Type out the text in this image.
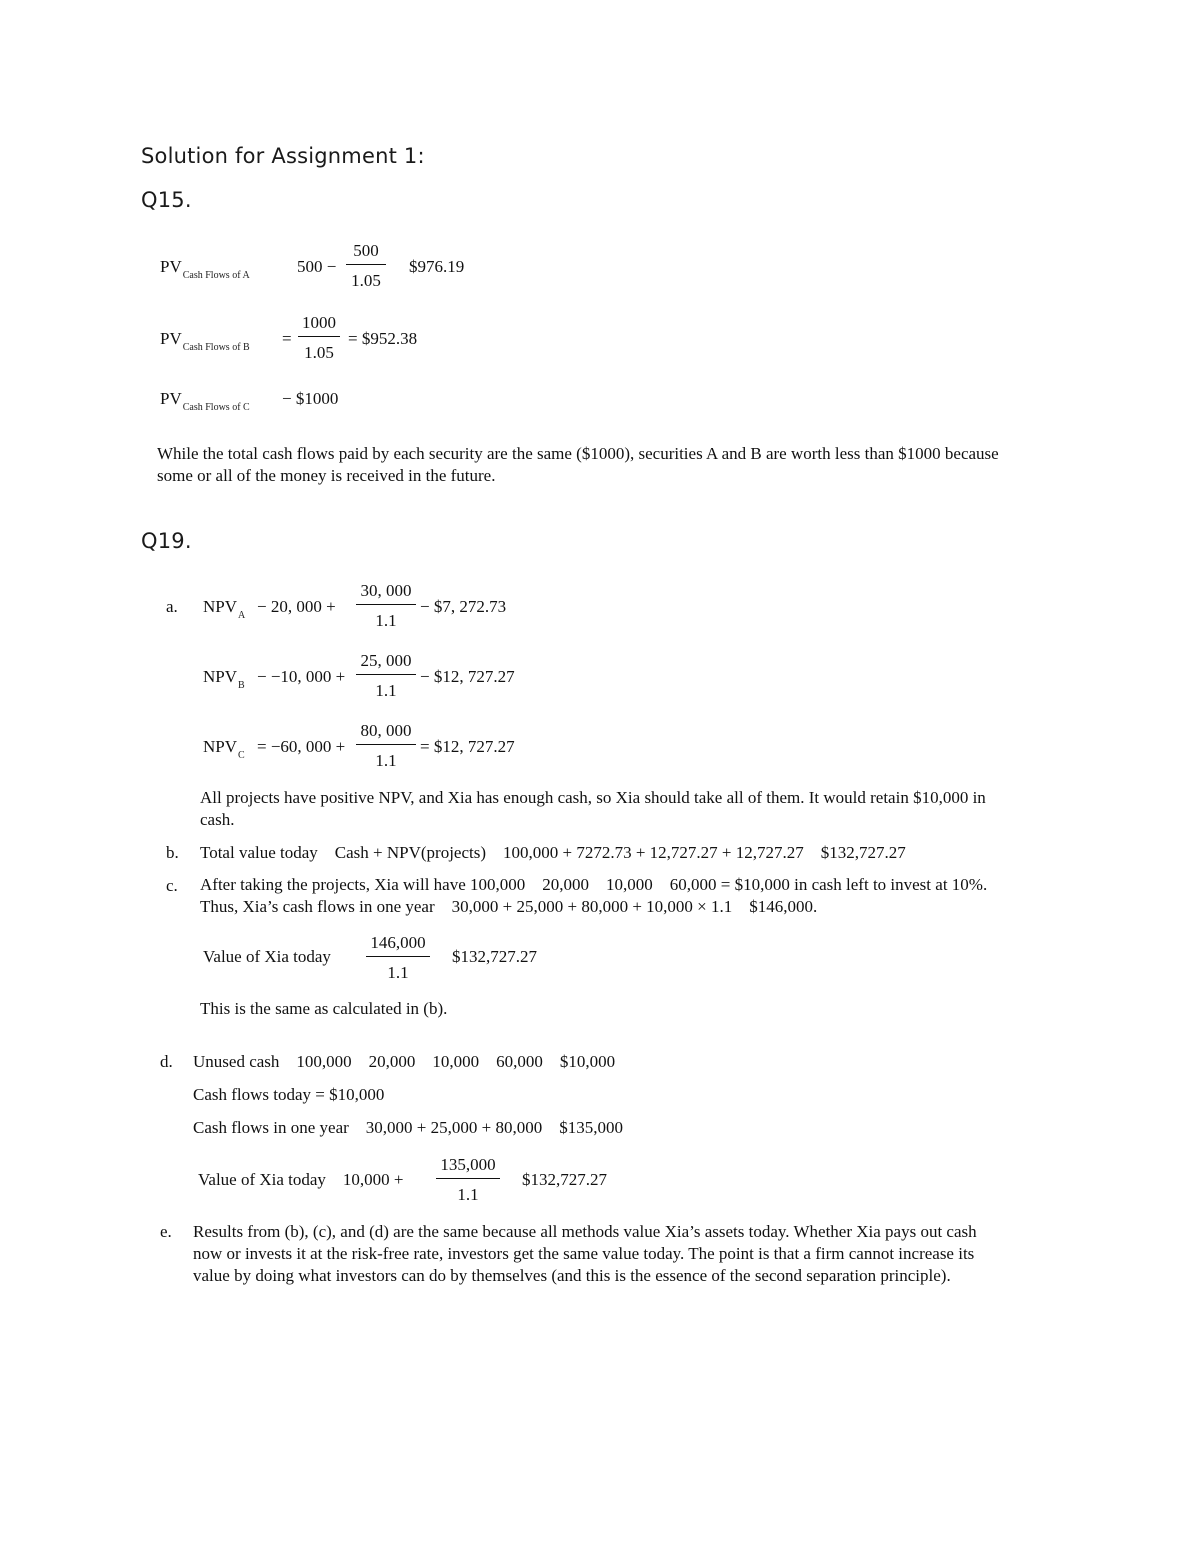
Solution for Assignment 1:
Q15.
$PV_{Cash Flows of A}$	$500 - \frac{500}{1.05}$ $976.19
$PV_{Cash Flows of B} = \frac{1000}{1.05}$ = $952.38
$PV_{Cash Flows of C}$ − $1000
While the total cash flows paid by each security are the same ($1000), securities A and B are worth less than $1000 because some or all of the money is received in the future.
Q19.
a. $NPV_A - 20$, $000 + \frac{30, 000}{1.1}$ − $7, 272.73
$NPV_B - -10$, $000 + \frac{25, 000}{1.1}$ − $12, 727.27
$NPV_C = -60$, $000 + \frac{80, 000}{1.1}$ = $12, 727.27
All projects have positive NPV, and Xia has enough cash, so Xia should take all of them. It would retain $10,000 in cash.
b. Total value today    Cash + NPV(projects)    100,000 + 7272.73 + 12,727.27 + 12,727.27    $132,727.27
c. After taking the projects, Xia will have 100,000    20,000    10,000    60,000 = $10,000 in cash left to invest at 10%. Thus, Xia’s cash flows in one year    30,000 + 25,000 + 80,000 + 10,000 × 1.1    $146,000.
Value of Xia today $\frac{146,000}{1.1}$ $132,727.27
This is the same as calculated in (b).
d. Unused cash    100,000    20,000    10,000    60,000    $10,000
Cash flows today = $10,000
Cash flows in one year    30,000 + 25,000 + 80,000    $135,000
Value of Xia today    $10,000 + \frac{135,000}{1.1}$ $132,727.27
e. Results from (b), (c), and (d) are the same because all methods value Xia’s assets today. Whether Xia pays out cash now or invests it at the risk-free rate, investors get the same value today. The point is that a firm cannot increase its value by doing what investors can do by themselves (and this is the essence of the second separation principle).
